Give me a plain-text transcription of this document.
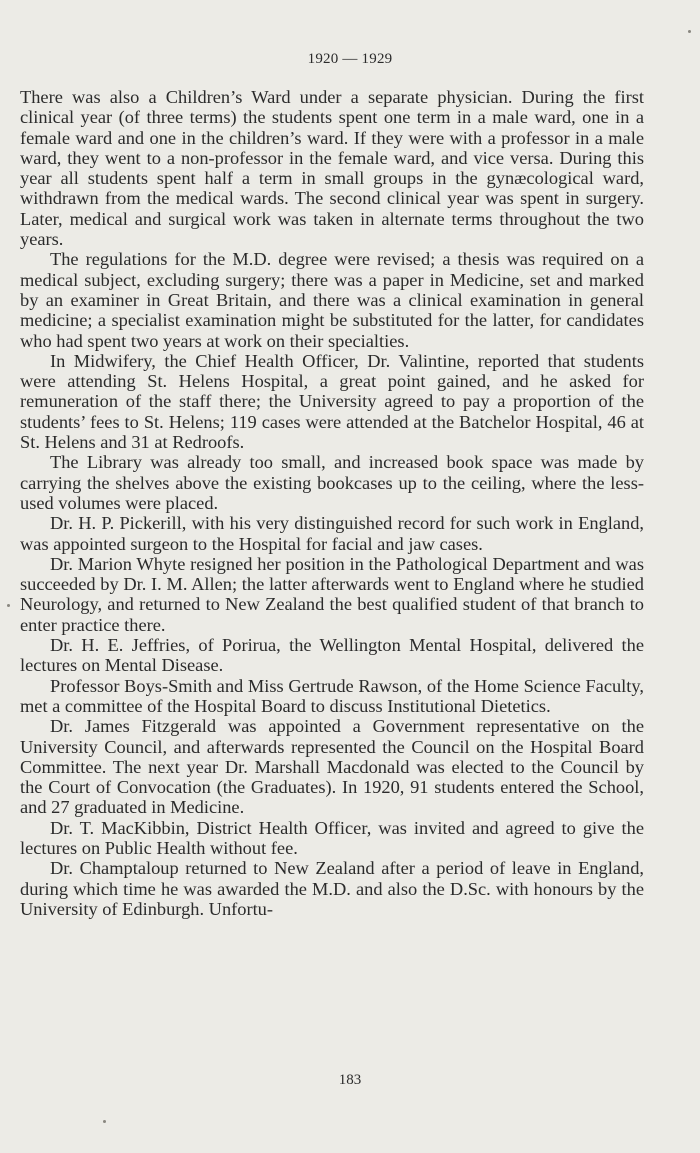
1920 — 1929

There was also a Children’s Ward under a separate physician. During the first clinical year (of three terms) the students spent one term in a male ward, one in a female ward and one in the children’s ward. If they were with a professor in a male ward, they went to a non-professor in the female ward, and vice versa. During this year all students spent half a term in small groups in the gynæcological ward, withdrawn from the medical wards. The second clinical year was spent in surgery. Later, medical and surgical work was taken in alternate terms throughout the two years.

The regulations for the M.D. degree were revised; a thesis was required on a medical subject, excluding surgery; there was a paper in Medicine, set and marked by an examiner in Great Britain, and there was a clinical examination in general medicine; a specialist examination might be substituted for the latter, for candidates who had spent two years at work on their specialties.

In Midwifery, the Chief Health Officer, Dr. Valintine, reported that students were attending St. Helens Hospital, a great point gained, and he asked for remuneration of the staff there; the University agreed to pay a proportion of the students’ fees to St. Helens; 119 cases were attended at the Batchelor Hospital, 46 at St. Helens and 31 at Redroofs.

The Library was already too small, and increased book space was made by carrying the shelves above the existing bookcases up to the ceiling, where the less-used volumes were placed.

Dr. H. P. Pickerill, with his very distinguished record for such work in England, was appointed surgeon to the Hospital for facial and jaw cases.

Dr. Marion Whyte resigned her position in the Pathological Department and was succeeded by Dr. I. M. Allen; the latter afterwards went to England where he studied Neurology, and returned to New Zealand the best qualified student of that branch to enter practice there.

Dr. H. E. Jeffries, of Porirua, the Wellington Mental Hospital, delivered the lectures on Mental Disease.

Professor Boys-Smith and Miss Gertrude Rawson, of the Home Science Faculty, met a committee of the Hospital Board to discuss Institutional Dietetics.

Dr. James Fitzgerald was appointed a Government representative on the University Council, and afterwards represented the Council on the Hospital Board Committee. The next year Dr. Marshall Macdonald was elected to the Council by the Court of Convocation (the Graduates). In 1920, 91 students entered the School, and 27 graduated in Medicine.

Dr. T. MacKibbin, District Health Officer, was invited and agreed to give the lectures on Public Health without fee.

Dr. Champtaloup returned to New Zealand after a period of leave in England, during which time he was awarded the M.D. and also the D.Sc. with honours by the University of Edinburgh. Unfortu-

183
